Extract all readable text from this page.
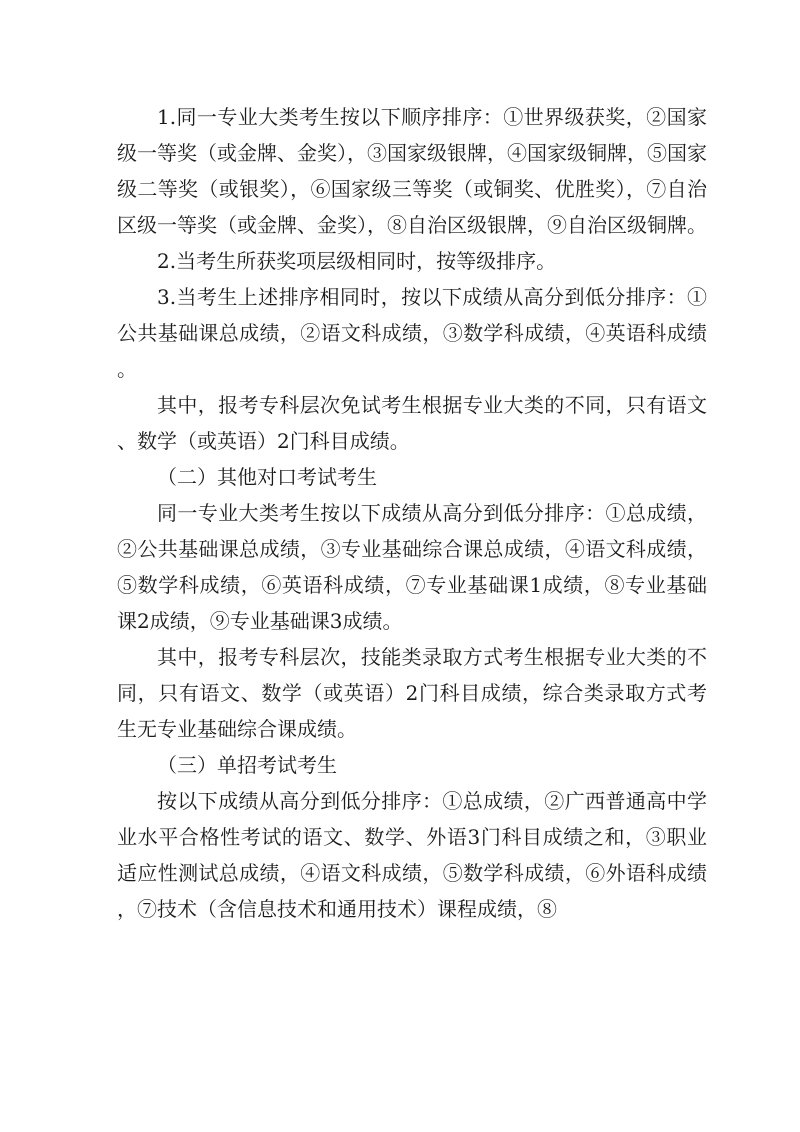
1.同一专业大类考生按以下顺序排序：①世界级获奖，②国家级一等奖（或金牌、金奖），③国家级银牌，④国家级铜牌，⑤国家级二等奖（或银奖），⑥国家级三等奖（或铜奖、优胜奖），⑦自治区级一等奖（或金牌、金奖），⑧自治区级银牌，⑨自治区级铜牌。

2.当考生所获奖项层级相同时，按等级排序。

3.当考生上述排序相同时，按以下成绩从高分到低分排序：①公共基础课总成绩，②语文科成绩，③数学科成绩，④英语科成绩。

其中，报考专科层次免试考生根据专业大类的不同，只有语文、数学（或英语）2门科目成绩。

（二）其他对口考试考生

同一专业大类考生按以下成绩从高分到低分排序：①总成绩，②公共基础课总成绩，③专业基础综合课总成绩，④语文科成绩，⑤数学科成绩，⑥英语科成绩，⑦专业基础课1成绩，⑧专业基础课2成绩，⑨专业基础课3成绩。

其中，报考专科层次，技能类录取方式考生根据专业大类的不同，只有语文、数学（或英语）2门科目成绩，综合类录取方式考生无专业基础综合课成绩。

（三）单招考试考生

按以下成绩从高分到低分排序：①总成绩，②广西普通高中学业水平合格性考试的语文、数学、外语3门科目成绩之和，③职业适应性测试总成绩，④语文科成绩，⑤数学科成绩，⑥外语科成绩，⑦技术（含信息技术和通用技术）课程成绩，⑧
